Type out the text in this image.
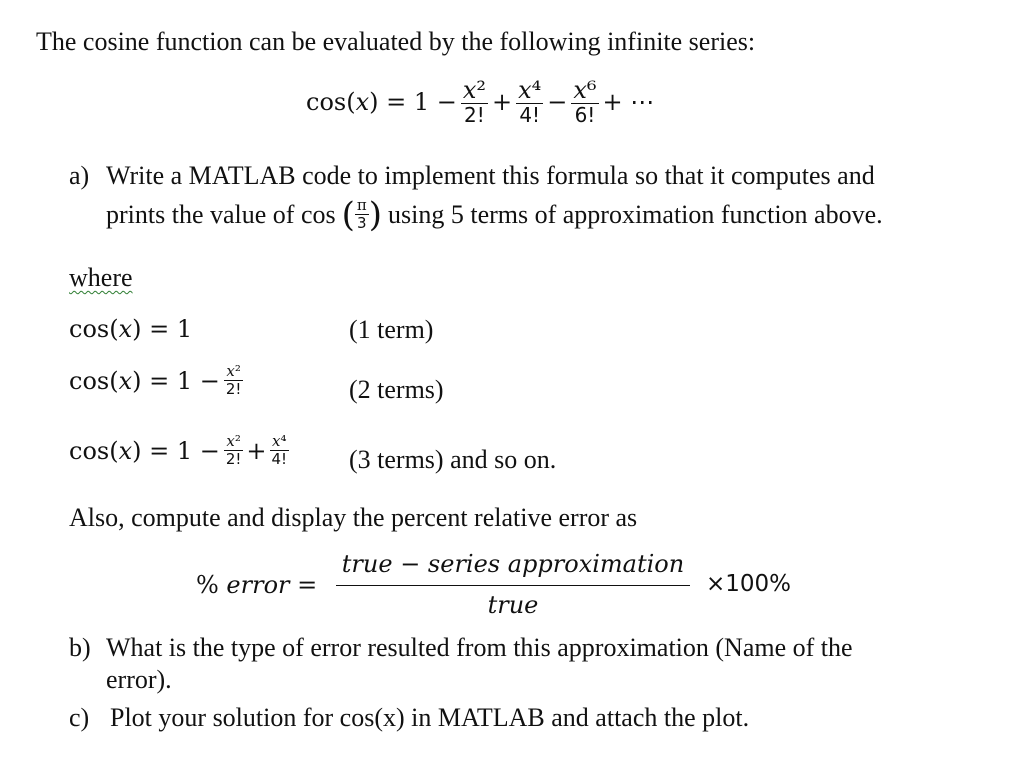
The cosine function can be evaluated by the following infinite series:
cos(𝑥) = $1 - \frac{\text{𝑥²}}{2!} + \frac{\text{𝑥⁴}}{4!} - \frac{\text{𝑥⁶}}{6!}$ + ⋯
a) Write a MATLAB code to implement this formula so that it computes and
prints the value of cos ( $\frac{\pi}{3}$ ) using 5 terms of approximation function above.
where
cos(𝑥) = 1	(1 term)
cos(𝑥) = $1 - \frac{\text{𝑥²}}{2!}$	(2 terms)
cos(𝑥) = $1 - \frac{\text{𝑥²}}{2!} + \frac{\text{𝑥⁴}}{4!} (3$ terms) and so on.
Also, compute and display the percent relative error as
% 𝑒𝑟𝑟𝑜𝑟 =
𝑡𝑟𝑢𝑒 − 𝑠𝑒𝑟𝑖𝑒𝑠 𝑎𝑝𝑝𝑟𝑜𝑥𝑖𝑚𝑎𝑡𝑖𝑜𝑛
𝑡𝑟𝑢𝑒
×100%
b) What is the type of error resulted from this approximation (Name of the
error).
c) Plot your solution for cos(x) in MATLAB and attach the plot.
